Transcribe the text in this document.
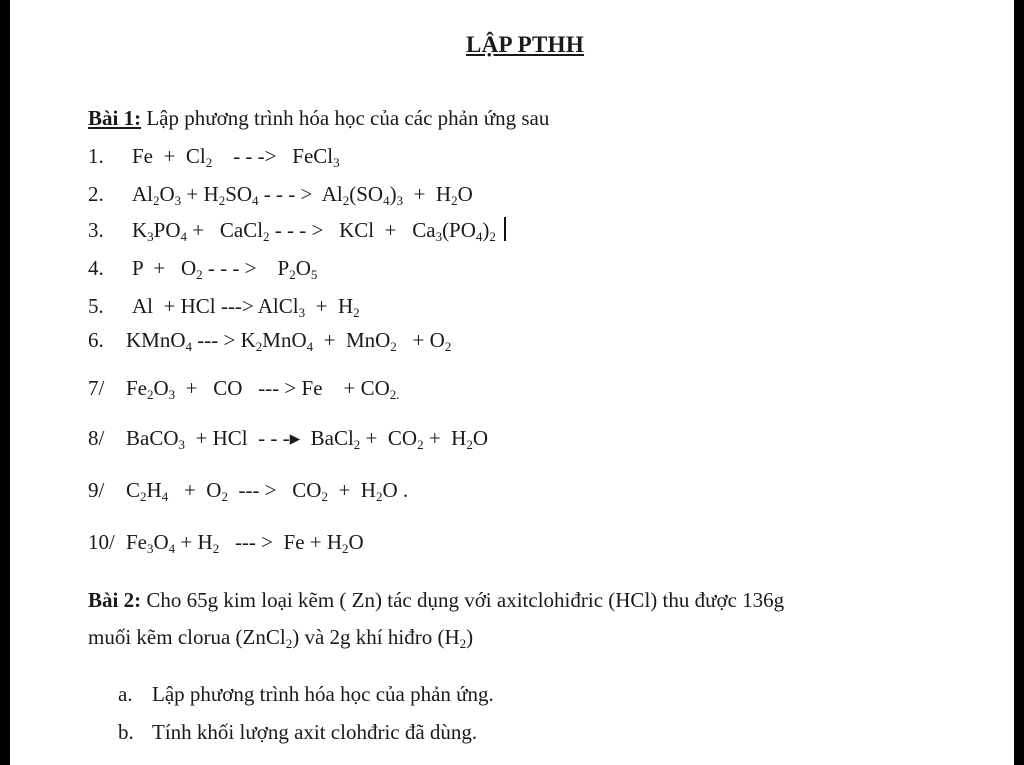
LẬP PTHH
Bài 1: Lập phương trình hóa học của các phản ứng sau
1. $Fe + Cl_2$    - - ->   FeCl$_3$
2. $Al_2O_3 + H_2SO_4$ - - - >  $Al_2(SO_4)_3 + H_2O$
3. $K_3PO_4$ +   CaCl$_2$ - - - >   KCl  +   $Ca_3(PO_4)_2$
4. $P + O_2$ - - - >    $P_2O_5$
5. Al  + HCl ---> AlCl$_3$  +  $H_2$
6. KMnO$_4$ --- > $K_2MnO_4 + MnO_2 + O_2$
7/ $Fe_2O_3$  +   CO   --- > Fe    + $CO_{2.}$
8/ BaCO$_3$  + HCl  - - -▸  BaCl$_2$ +  $CO_2 + H_2O$
9/ $C_2H_4 + O_2$  --- >   $CO_2 + H_2O$ .
10/ $Fe_3O_4 + H_2$   --- >  $Fe + H_2O$
Bài 2: Cho 65g kim loại kẽm ( Zn) tác dụng với axitclohiđric (HCl) thu được 136g
muối kẽm clorua (ZnCl$_2$) và 2g khí hiđro $(H_2)$
a. Lập phương trình hóa học của phản ứng.
b. Tính khối lượng axit clohđric đã dùng.
